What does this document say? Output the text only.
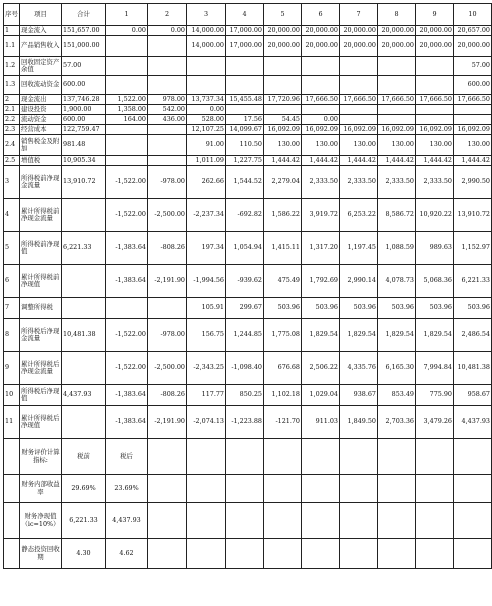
序号	项目	合计	1	2	3	4	5	6	7	8	9	10
1	现金流入	151,657.00	0.00	0.00	14,000.00	17,000.00	20,000.00	20,000.00	20,000.00	20,000.00	20,000.00	20,657.00
1.1	产品销售收入	151,000.00			14,000.00	17,000.00	20,000.00	20,000.00	20,000.00	20,000.00	20,000.00	20,000.00
1.2	回收固定资产余值	57.00										57.00
1.3	回收流动资金	600.00										600.00
2	现金流出	137,746.28	1,522.00	978.00	13,737.34	15,455.48	17,720.96	17,666.50	17,666.50	17,666.50	17,666.50	17,666.50
2.1	建设投资	1,900.00	1,358.00	542.00	0.00							
2.2	流动资金	600.00	164.00	436.00	528.00	17.56	54.45	0.00				
2.3	经营成本	122,759.47			12,107.25	14,099.67	16,092.09	16,092.09	16,092.09	16,092.09	16,092.09	16,092.09
2.4	销售税金及附加	981.48			91.00	110.50	130.00	130.00	130.00	130.00	130.00	130.00
2.5	增值税	10,905.34			1,011.09	1,227.75	1,444.42	1,444.42	1,444.42	1,444.42	1,444.42	1,444.42
3	所得税前净现金流量	13,910.72	-1,522.00	-978.00	262.66	1,544.52	2,279.04	2,333.50	2,333.50	2,333.50	2,333.50	2,990.50
4	累计所得税前净现金流量		-1,522.00	-2,500.00	-2,237.34	-692.82	1,586.22	3,919.72	6,253.22	8,586.72	10,920.22	13,910.72
5	所得税前净现值	6,221.33	-1,383.64	-808.26	197.34	1,054.94	1,415.11	1,317.20	1,197.45	1,088.59	989.63	1,152.97
6	累计所得税前净现值		-1,383.64	-2,191.90	-1,994.56	-939.62	475.49	1,792.69	2,990.14	4,078.73	5,068.36	6,221.33
7	调整所得税				105.91	299.67	503.96	503.96	503.96	503.96	503.96	503.96
8	所得税后净现金流量	10,481.38	-1,522.00	-978.00	156.75	1,244.85	1,775.08	1,829.54	1,829.54	1,829.54	1,829.54	2,486.54
9	累计所得税后净现金流量		-1,522.00	-2,500.00	-2,343.25	-1,098.40	676.68	2,506.22	4,335.76	6,165.30	7,994.84	10,481.38
10	所得税后净现值	4,437.93	-1,383.64	-808.26	117.77	850.25	1,102.18	1,029.04	938.67	853.49	775.90	958.67
11	累计所得税后净现值		-1,383.64	-2,191.90	-2,074.13	-1,223.88	-121.70	911.03	1,849.50	2,703.36	3,479.26	4,437.93
	财务评价计算指标:	税前	税后									
	财务内部收益率	29.69%	23.69%									
	财务净现值（ic=10%）	6,221.33	4,437.93									
	静态投资回收期	4.30	4.62									
